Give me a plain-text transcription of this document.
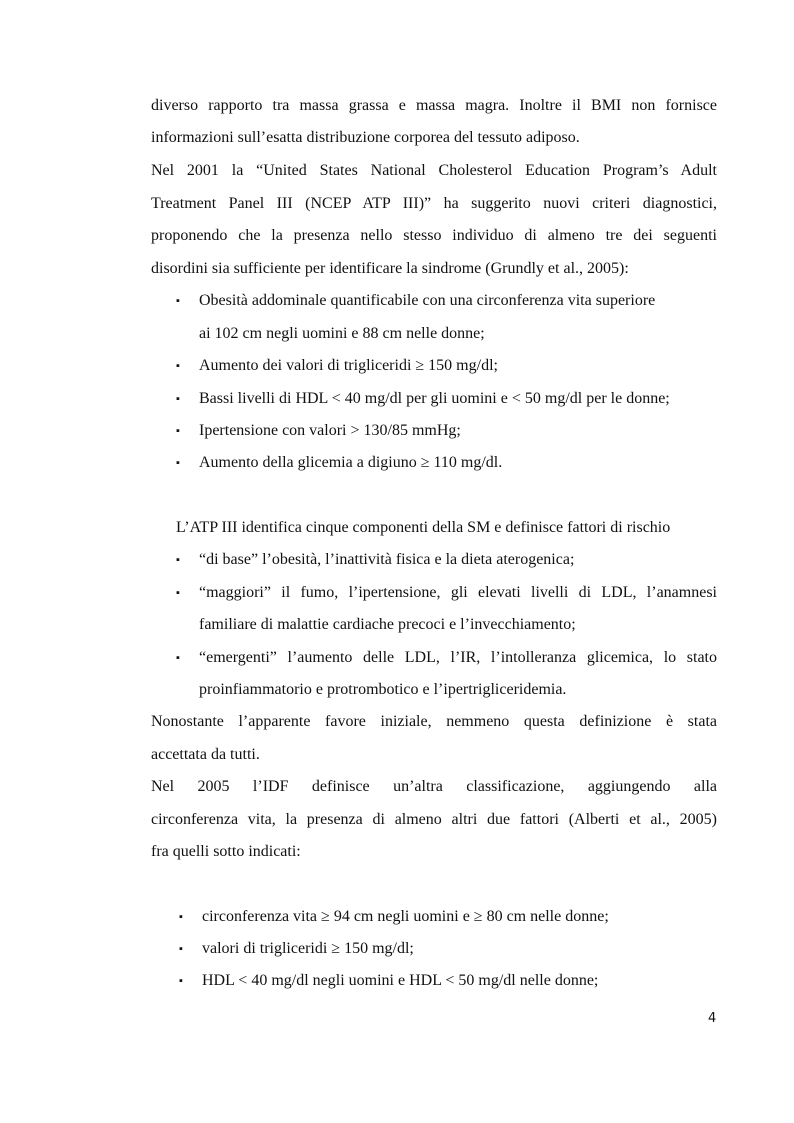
diverso rapporto tra massa grassa e massa magra. Inoltre il BMI non fornisce
informazioni sull’esatta distribuzione corporea del tessuto adiposo.
Nel 2001 la “United States National Cholesterol Education Program’s Adult
Treatment Panel III (NCEP ATP III)” ha suggerito nuovi criteri diagnostici,
proponendo che la presenza nello stesso individuo di almeno tre dei seguenti
disordini sia sufficiente per identificare la sindrome (Grundly et al., 2005):
▪ Obesità addominale quantificabile con una circonferenza vita superiore
ai 102 cm negli uomini e 88 cm nelle donne;
▪ Aumento dei valori di trigliceridi ≥ 150 mg/dl;
▪ Bassi livelli di HDL < 40 mg/dl per gli uomini e < 50 mg/dl per le donne;
▪ Ipertensione con valori > 130/85 mmHg;
▪ Aumento della glicemia a digiuno ≥ 110 mg/dl.
L’ATP III identifica cinque componenti della SM e definisce fattori di rischio
▪ “di base” l’obesità, l’inattività fisica e la dieta aterogenica;
▪ “maggiori” il fumo, l’ipertensione, gli elevati livelli di LDL, l’anamnesi
familiare di malattie cardiache precoci e l’invecchiamento;
▪ “emergenti” l’aumento delle LDL, l’IR, l’intolleranza glicemica, lo stato
proinfiammatorio e protrombotico e l’ipertrigliceridemia.
Nonostante l’apparente favore iniziale, nemmeno questa definizione è stata
accettata da tutti.
Nel 2005 l’IDF definisce un’altra classificazione, aggiungendo alla
circonferenza vita, la presenza di almeno altri due fattori (Alberti et al., 2005)
fra quelli sotto indicati:
▪ circonferenza vita ≥ 94 cm negli uomini e ≥ 80 cm nelle donne;
▪ valori di trigliceridi ≥ 150 mg/dl;
▪ HDL < 40 mg/dl negli uomini e HDL < 50 mg/dl nelle donne;
4
